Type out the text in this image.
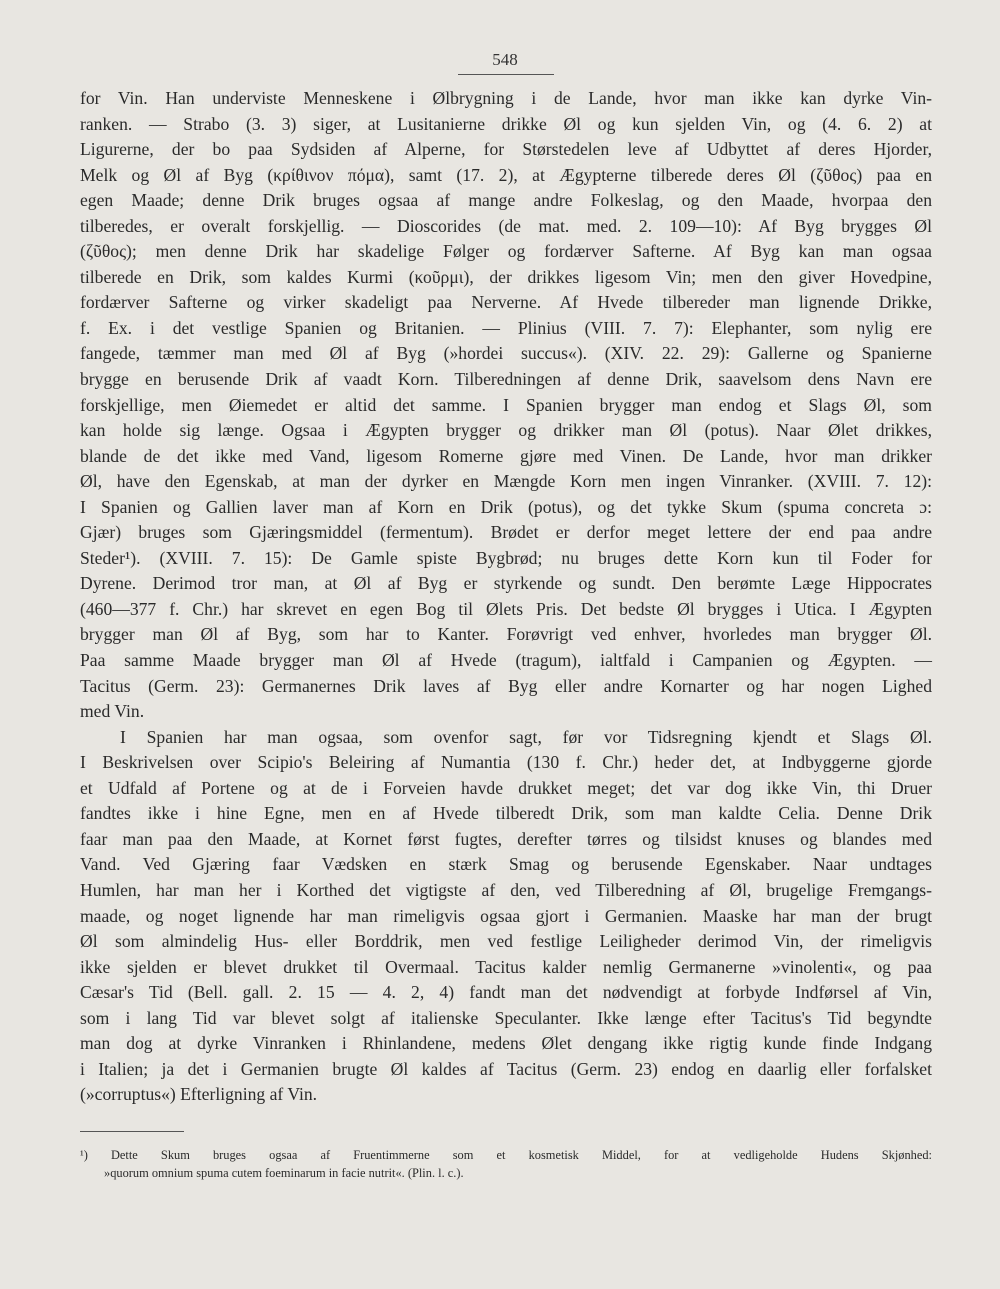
548
for Vin. Han underviste Menneskene i Ølbrygning i de Lande, hvor man ikke kan dyrke Vin-
ranken. — Strabo (3. 3) siger, at Lusitanierne drikke Øl og kun sjelden Vin, og (4. 6. 2) at
Ligurerne, der bo paa Sydsiden af Alperne, for Størstedelen leve af Udbyttet af deres Hjorder,
Melk og Øl af Byg (κρίθινον πόμα), samt (17. 2), at Ægypterne tilberede deres Øl (ζῦθος) paa en
egen Maade; denne Drik bruges ogsaa af mange andre Folkeslag, og den Maade, hvorpaa den
tilberedes, er overalt forskjellig. — Dioscorides (de mat. med. 2. 109—10): Af Byg brygges Øl
(ζῦθος); men denne Drik har skadelige Følger og fordærver Safterne. Af Byg kan man ogsaa
tilberede en Drik, som kaldes Kurmi (κοῦρμι), der drikkes ligesom Vin; men den giver Hovedpine,
fordærver Safterne og virker skadeligt paa Nerverne. Af Hvede tilbereder man lignende Drikke,
f. Ex. i det vestlige Spanien og Britanien. — Plinius (VIII. 7. 7): Elephanter, som nylig ere
fangede, tæmmer man med Øl af Byg (»hordei succus«). (XIV. 22. 29): Gallerne og Spanierne
brygge en berusende Drik af vaadt Korn. Tilberedningen af denne Drik, saavelsom dens Navn ere
forskjellige, men Øiemedet er altid det samme. I Spanien brygger man endog et Slags Øl, som
kan holde sig længe. Ogsaa i Ægypten brygger og drikker man Øl (potus). Naar Ølet drikkes,
blande de det ikke med Vand, ligesom Romerne gjøre med Vinen. De Lande, hvor man drikker
Øl, have den Egenskab, at man der dyrker en Mængde Korn men ingen Vinranker. (XVIII. 7. 12):
I Spanien og Gallien laver man af Korn en Drik (potus), og det tykke Skum (spuma concreta ɔ:
Gjær) bruges som Gjæringsmiddel (fermentum). Brødet er derfor meget lettere der end paa andre
Steder¹). (XVIII. 7. 15): De Gamle spiste Bygbrød; nu bruges dette Korn kun til Foder for
Dyrene. Derimod tror man, at Øl af Byg er styrkende og sundt. Den berømte Læge Hippocrates
(460—377 f. Chr.) har skrevet en egen Bog til Ølets Pris. Det bedste Øl brygges i Utica. I Ægypten
brygger man Øl af Byg, som har to Kanter. Forøvrigt ved enhver, hvorledes man brygger Øl.
Paa samme Maade brygger man Øl af Hvede (tragum), ialtfald i Campanien og Ægypten. —
Tacitus (Germ. 23): Germanernes Drik laves af Byg eller andre Kornarter og har nogen Lighed
med Vin.
I Spanien har man ogsaa, som ovenfor sagt, før vor Tidsregning kjendt et Slags Øl.
I Beskrivelsen over Scipio's Beleiring af Numantia (130 f. Chr.) heder det, at Indbyggerne gjorde
et Udfald af Portene og at de i Forveien havde drukket meget; det var dog ikke Vin, thi Druer
fandtes ikke i hine Egne, men en af Hvede tilberedt Drik, som man kaldte Celia. Denne Drik
faar man paa den Maade, at Kornet først fugtes, derefter tørres og tilsidst knuses og blandes med
Vand. Ved Gjæring faar Vædsken en stærk Smag og berusende Egenskaber. Naar undtages
Humlen, har man her i Korthed det vigtigste af den, ved Tilberedning af Øl, brugelige Fremgangs-
maade, og noget lignende har man rimeligvis ogsaa gjort i Germanien. Maaske har man der brugt
Øl som almindelig Hus- eller Borddrik, men ved festlige Leiligheder derimod Vin, der rimeligvis
ikke sjelden er blevet drukket til Overmaal. Tacitus kalder nemlig Germanerne »vinolenti«, og paa
Cæsar's Tid (Bell. gall. 2. 15 — 4. 2, 4) fandt man det nødvendigt at forbyde Indførsel af Vin,
som i lang Tid var blevet solgt af italienske Speculanter. Ikke længe efter Tacitus's Tid begyndte
man dog at dyrke Vinranken i Rhinlandene, medens Ølet dengang ikke rigtig kunde finde Indgang
i Italien; ja det i Germanien brugte Øl kaldes af Tacitus (Germ. 23) endog en daarlig eller forfalsket
(»corruptus«) Efterligning af Vin.
¹) Dette Skum bruges ogsaa af Fruentimmerne som et kosmetisk Middel, for at vedligeholde Hudens Skjønhed:
»quorum omnium spuma cutem foeminarum in facie nutrit«. (Plin. l. c.).
